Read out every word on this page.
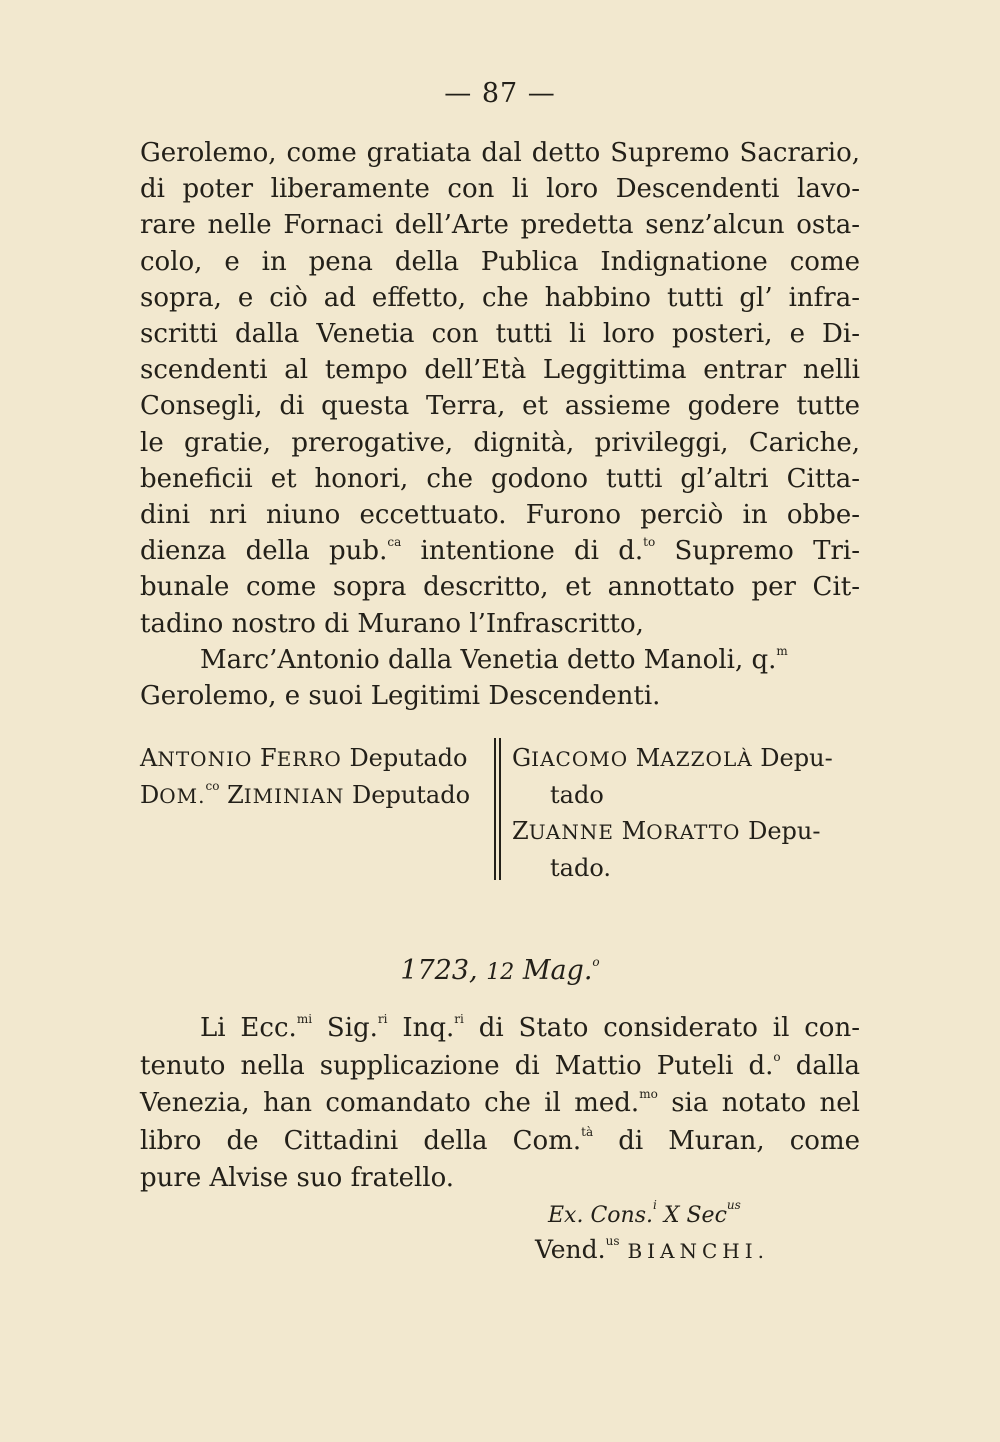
— 87 —
Gerolemo, come gratiata dal detto Supremo Sacrario,
di poter liberamente con li loro Descendenti lavo-
rare nelle Fornaci dell’Arte predetta senz’alcun osta-
colo, e in pena della Publica Indignatione come
sopra, e ciò ad effetto, che habbino tutti gl’ infra-
scritti dalla Venetia con tutti li loro posteri, e Di-
scendenti al tempo dell’Età Leggittima entrar nelli
Consegli, di questa Terra, et assieme godere tutte
le gratie, prerogative, dignità, privileggi, Cariche,
beneficii et honori, che godono tutti gl’altri Citta-
dini nri niuno eccettuato. Furono perciò in obbe-
dienza della pub.$^{ca}$ intentione di d.$^{to}$ Supremo Tri-
bunale come sopra descritto, et annottato per Cit-
tadino nostro di Murano l’Infrascritto,
Marc’Antonio dalla Venetia detto Manoli, q.$^m$
Gerolemo, e suoi Legitimi Descendenti.
ANTONIO FERRO Deputado
DOM.$^{co}$ ZIMINIAN Deputado
GIACOMO MAZZOLÀ Depu-
tado
ZUANNE MORATTO Depu-
tado.
1723, 12 Mag.$^o$
Li Ecc.$^{mi}$ Sig.$^{ri}$ Inq.$^{ri}$ di Stato considerato il con-
tenuto nella supplicazione di Mattio Puteli d.$^o$ dalla
Venezia, han comandato che il med.$^{mo}$ sia notato nel
libro de Cittadini della Com.$^{tà}$ di Muran, come
pure Alvise suo fratello.
Ex. Cons.$^i$ X Sec$^{us}$
Vend.$^{us}$ BIANCHI.
